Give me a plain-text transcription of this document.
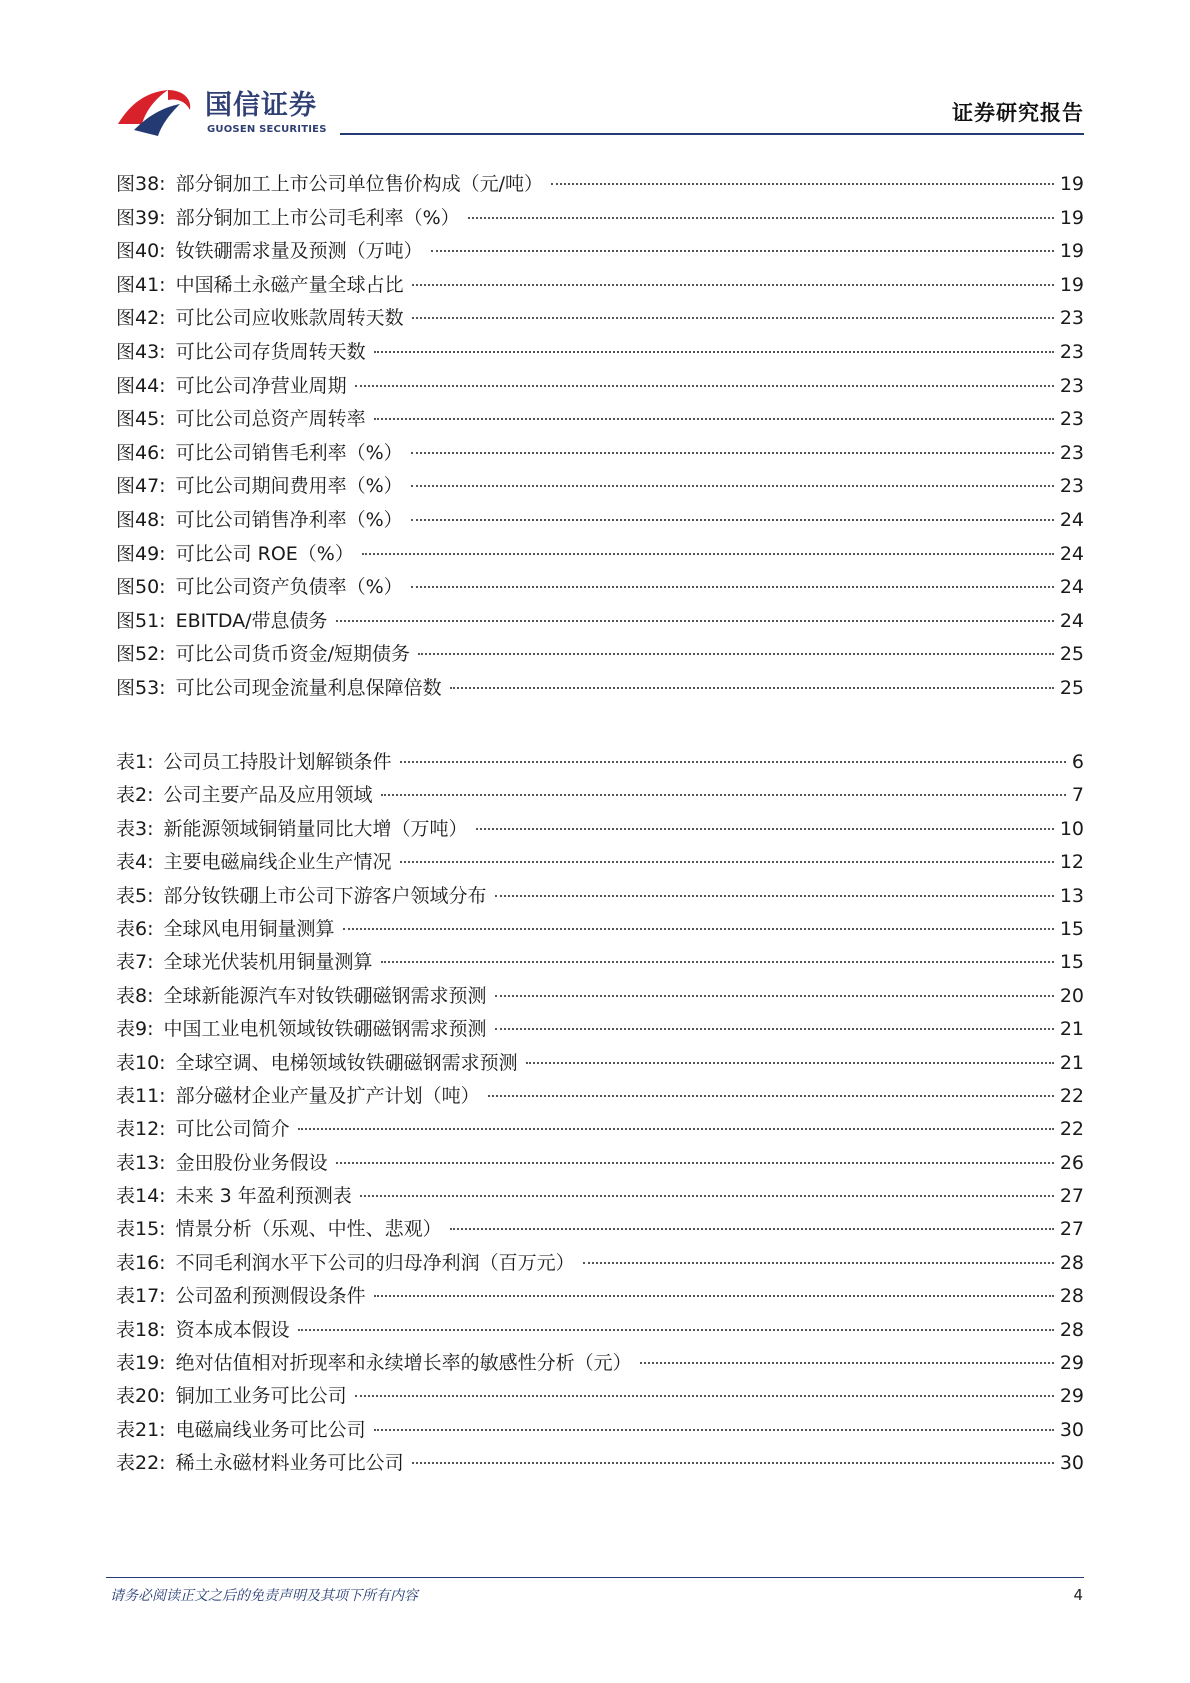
国信证券
GUOSEN SECURITIES
证券研究报告
图38: 部分铜加工上市公司单位售价构成（元/吨）	19
图39: 部分铜加工上市公司毛利率（%）	19
图40: 钕铁硼需求量及预测（万吨）	19
图41: 中国稀土永磁产量全球占比	19
图42: 可比公司应收账款周转天数	23
图43: 可比公司存货周转天数	23
图44: 可比公司净营业周期	23
图45: 可比公司总资产周转率	23
图46: 可比公司销售毛利率（%）	23
图47: 可比公司期间费用率（%）	23
图48: 可比公司销售净利率（%）	24
图49: 可比公司 ROE（%）	24
图50: 可比公司资产负债率（%）	24
图51: EBITDA/带息债务	24
图52: 可比公司货币资金/短期债务	25
图53: 可比公司现金流量利息保障倍数	25
表1: 公司员工持股计划解锁条件	6
表2: 公司主要产品及应用领域	7
表3: 新能源领域铜销量同比大增（万吨）	10
表4: 主要电磁扁线企业生产情况	12
表5: 部分钕铁硼上市公司下游客户领域分布	13
表6: 全球风电用铜量测算	15
表7: 全球光伏装机用铜量测算	15
表8: 全球新能源汽车对钕铁硼磁钢需求预测	20
表9: 中国工业电机领域钕铁硼磁钢需求预测	21
表10: 全球空调、电梯领域钕铁硼磁钢需求预测	21
表11: 部分磁材企业产量及扩产计划（吨）	22
表12: 可比公司简介	22
表13: 金田股份业务假设	26
表14: 未来 3 年盈利预测表	27
表15: 情景分析（乐观、中性、悲观）	27
表16: 不同毛利润水平下公司的归母净利润（百万元）	28
表17: 公司盈利预测假设条件	28
表18: 资本成本假设	28
表19: 绝对估值相对折现率和永续增长率的敏感性分析（元）	29
表20: 铜加工业务可比公司	29
表21: 电磁扁线业务可比公司	30
表22: 稀土永磁材料业务可比公司	30
请务必阅读正文之后的免责声明及其项下所有内容	4
